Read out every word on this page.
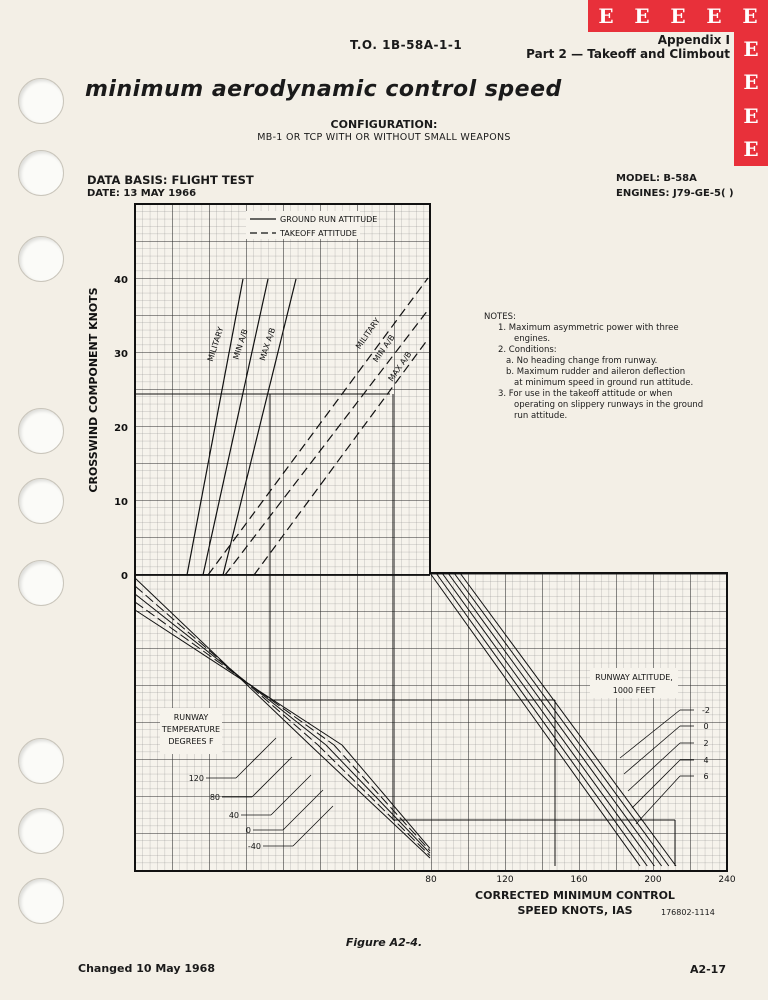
E E E E E
E
E
E
E
T.O. 1B-58A-1-1	Appendix I
Part 2 — Takeoff and Climbout
minimum aerodynamic control speed
CONFIGURATION:
MB-1 OR TCP WITH OR WITHOUT SMALL WEAPONS
DATA BASIS: FLIGHT TEST
DATE: 13 MAY 1966
MODEL: B-58A
ENGINES: J79-GE-5( )
0
10
20
30
40
CROSSWIND COMPONENT KNOTS
80	120	160	200	240
GROUND RUN ATTITUDE
TAKEOFF ATTITUDE
MILITARY MIN A/B MAX A/B	MILITARY
MIN A/B
MAX A/B
RUNWAY
TEMPERATURE
DEGREES F
120
80
40
0
-40
RUNWAY ALTITUDE,
1000 FEET
-2
0
2
4
6
NOTES:
1. Maximum asymmetric power with three
engines.
2. Conditions:
a. No heading change from runway.
b. Maximum rudder and aileron deflection
at minimum speed in ground run attitude.
3. For use in the takeoff attitude or when
operating on slippery runways in the ground
run attitude.
CORRECTED MINIMUM CONTROL
SPEED KNOTS, IAS	176802-1114
Figure A2-4.
Changed 10 May 1968	A2-17
